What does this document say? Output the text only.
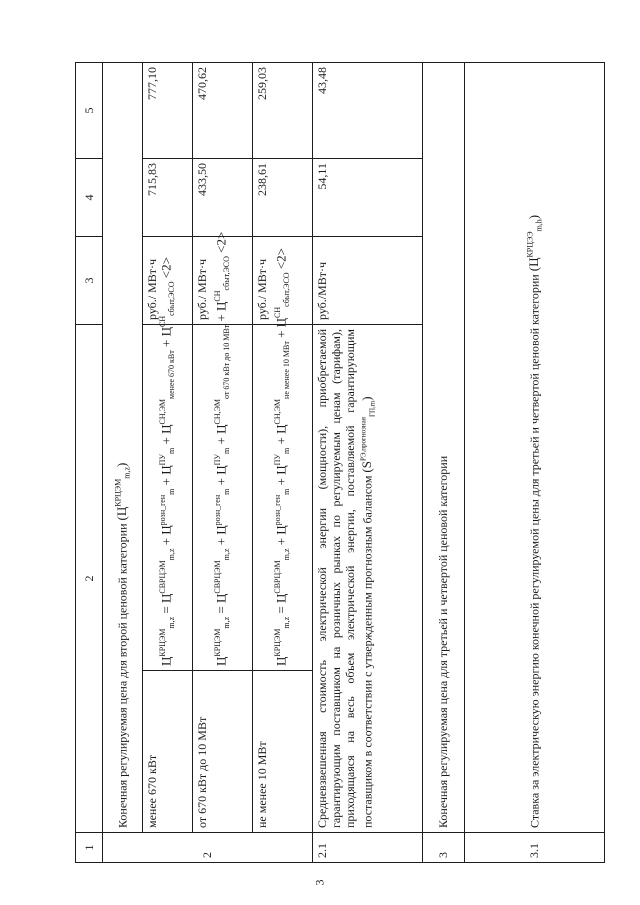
1	2		3	4	5
2	Конечная регулируемая цена для второй ценовой категории $(Ц^{КРЦЭМ}_{m,z})$				
	менее 670 кВт	$Ц^{КРЦЭМ}_{m,z} = Ц^{СВРЦЭМ}_{m,z} + Ц^{розн\_ген}_m + Ц^{ПУ}_m + Ц^{СН,ЭМ}_{менее 670 кВт} + Ц^{СН}_{сбыт,ЭСО} <2>$	руб./ МВт·ч	715,83	777,10
	от 670 кВт до 10 МВт	$Ц^{КРЦЭМ}_{m,z} = Ц^{СВРЦЭМ}_{m,z} + Ц^{розн\_ген}_m + Ц^{ПУ}_m + Ц^{СН,ЭМ}_{от 670 кВт до 10 МВт} + Ц^{СН}_{сбыт,ЭСО} <2>$	руб./ МВт·ч	433,50	470,62
	не менее 10 МВт	$Ц^{КРЦЭМ}_{m,z} = Ц^{СВРЦЭМ}_{m,z} + Ц^{розн\_ген}_m + Ц^{ПУ}_m + Ц^{СН,ЭМ}_{не менее 10 МВт} + Ц^{СН}_{сбыт,ЭСО} <2>$	руб./ МВт·ч	238,61	259,03
2.1	Средневзвешенная стоимость электрической энергии (мощности), приобретаемой гарантирующим поставщиком на розничных рынках по регулируемым ценам (тарифам), приходящаяся на весь объем электрической энергии, поставляемой гарантирующим поставщиком в соответствии с утвержденным прогнозным балансом $(S^{РЭ,прогнозная}_{ГП,m})$		руб./МВт·ч	54,11	43,48
3	Конечная регулируемая цена для третьей и четвертой ценовой категории				
3.1	Ставка за электрическую энергию конечной регулируемой цены для третьей и четвертой ценовой категории $(Ц^{КРЦЭЭ}_{m,h})$				
3
